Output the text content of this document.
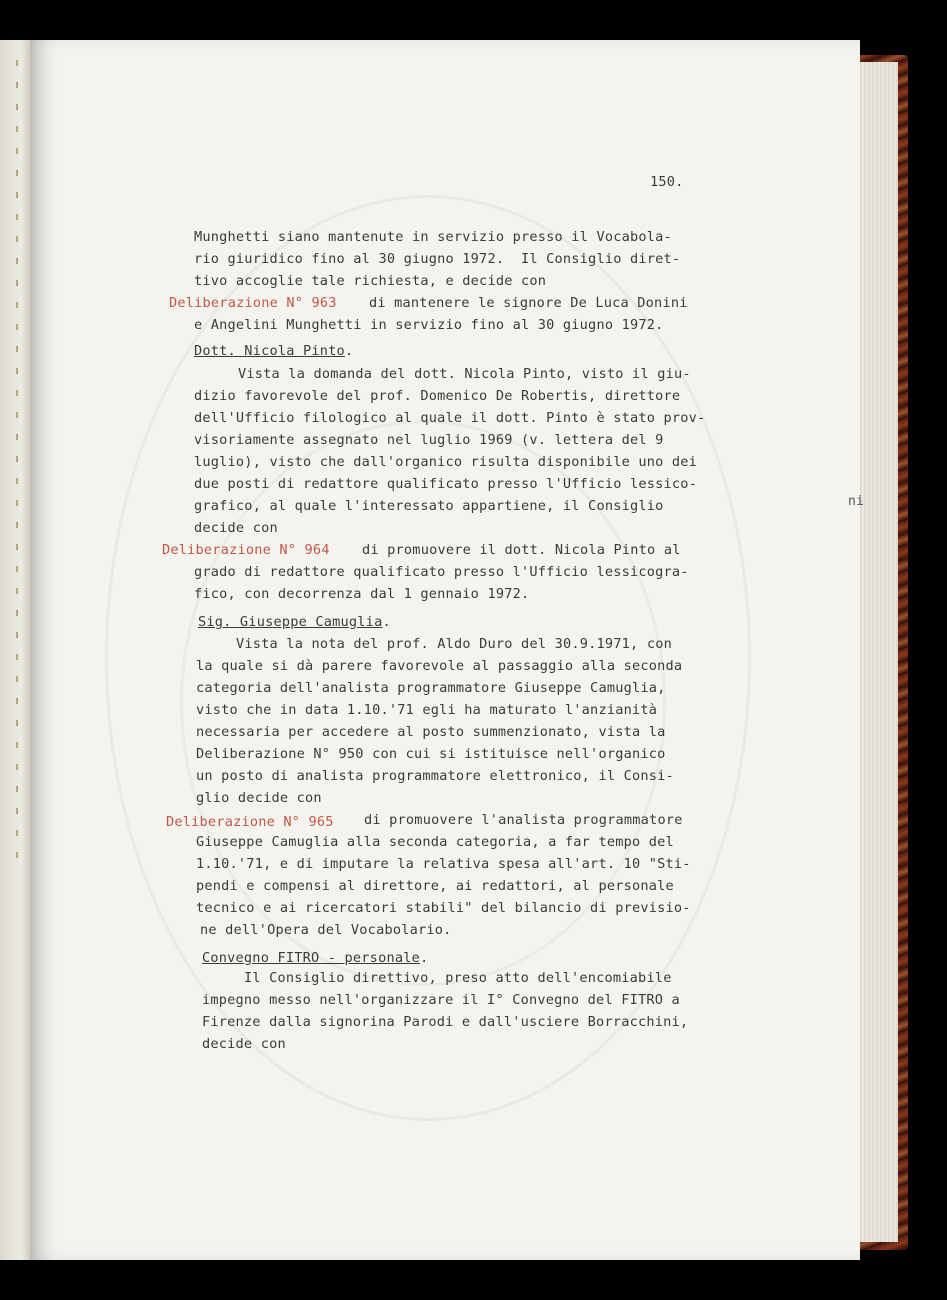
150.
Munghetti siano mantenute in servizio presso il Vocabola-
rio giuridico fino al 30 giugno 1972.  Il Consiglio diret-
tivo accoglie tale richiesta, e decide con
Deliberazione N° 963 di mantenere le signore De Luca Donini
e Angelini Munghetti in servizio fino al 30 giugno 1972.
Dott. Nicola Pinto.
Vista la domanda del dott. Nicola Pinto, visto il giu-
dizio favorevole del prof. Domenico De Robertis, direttore
dell'Ufficio filologico al quale il dott. Pinto è stato prov-
visoriamente assegnato nel luglio 1969 (v. lettera del 9
luglio), visto che dall'organico risulta disponibile uno dei
due posti di redattore qualificato presso l'Ufficio lessico-
grafico, al quale l'interessato appartiene, il Consiglio
decide con
Deliberazione N° 964 di promuovere il dott. Nicola Pinto al
grado di redattore qualificato presso l'Ufficio lessicogra-
fico, con decorrenza dal 1 gennaio 1972.
Sig. Giuseppe Camuglia.
Vista la nota del prof. Aldo Duro del 30.9.1971, con
la quale si dà parere favorevole al passaggio alla seconda
categoria dell'analista programmatore Giuseppe Camuglia,
visto che in data 1.10.'71 egli ha maturato l'anzianità
necessaria per accedere al posto summenzionato, vista la
Deliberazione N° 950 con cui si istituisce nell'organico
un posto di analista programmatore elettronico, il Consi-
glio decide con
Deliberazione N° 965 di promuovere l'analista programmatore
Giuseppe Camuglia alla seconda categoria, a far tempo del
1.10.'71, e di imputare la relativa spesa all'art. 10 "Sti-
pendi e compensi al direttore, ai redattori, al personale
tecnico e ai ricercatori stabili" del bilancio di previsio-
ne dell'Opera del Vocabolario.
Convegno FITRO - personale.
Il Consiglio direttivo, preso atto dell'encomiabile
impegno messo nell'organizzare il I° Convegno del FITRO a
Firenze dalla signorina Parodi e dall'usciere Borracchini,
decide con
ni
